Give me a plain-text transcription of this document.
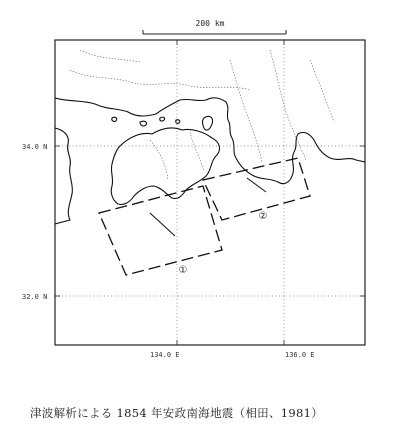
200 km
34.0 N
32.0 N
134.0 E	136.0 E
①
②
津波解析による 1854 年安政南海地震（相田、1981）
